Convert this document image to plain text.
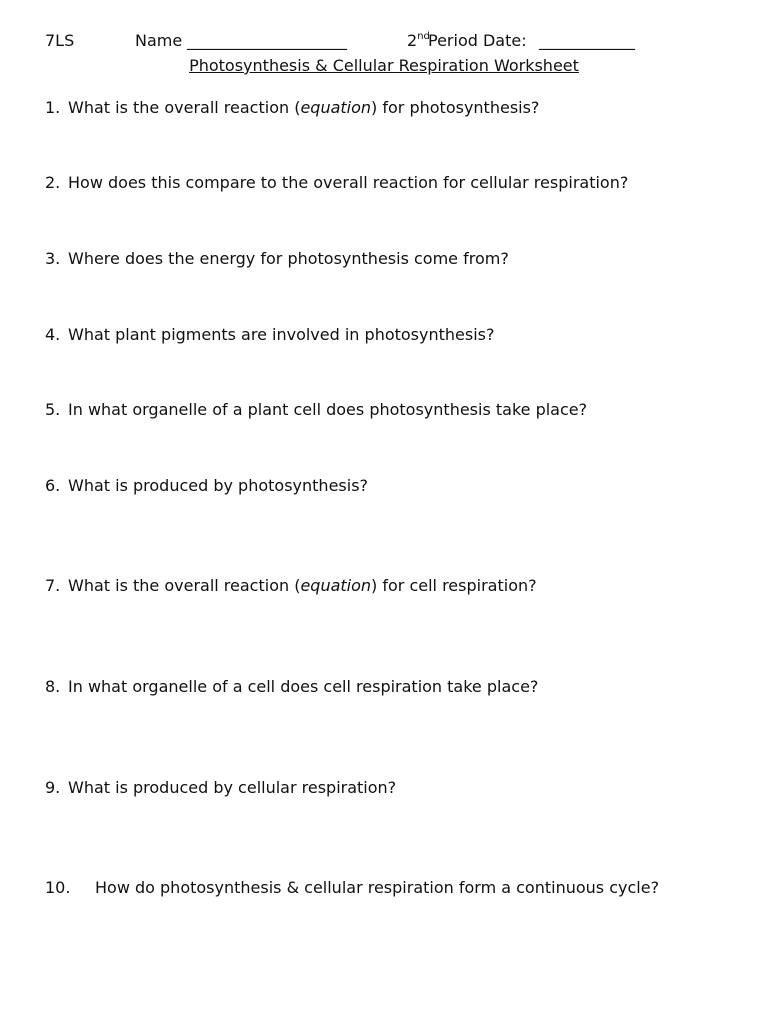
7LS	Name ____________________	2nd
Period Date: ____________
Photosynthesis & Cellular Respiration Worksheet
1. What is the overall reaction (equation) for photosynthesis?
2. How does this compare to the overall reaction for cellular respiration?
3. Where does the energy for photosynthesis come from?
4. What plant pigments are involved in photosynthesis?
5. In what organelle of a plant cell does photosynthesis take place?
6. What is produced by photosynthesis?
7. What is the overall reaction (equation) for cell respiration?
8. In what organelle of a cell does cell respiration take place?
9. What is produced by cellular respiration?
10. How do photosynthesis & cellular respiration form a continuous cycle?
